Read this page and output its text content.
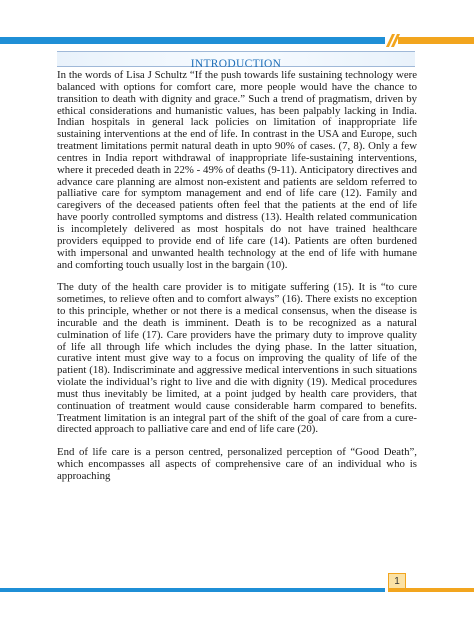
INTRODUCTION

In the words of Lisa J Schultz “If the push towards life sustaining technology were balanced with options for comfort care, more people would have the chance to transition to death with dignity and grace.” Such a trend of pragmatism, driven by ethical considerations and humanistic values, has been palpably lacking in India. Indian hospitals in general lack policies on limitation of inappropriate life sustaining interventions at the end of life. In contrast in the USA and Europe, such treatment limitations permit natural death in upto 90% of cases. (7, 8). Only a few centres in India report withdrawal of inappropriate life-sustaining interventions, where it preceded death in 22% - 49% of deaths (9-11). Anticipatory directives and advance care planning are almost non-existent and patients are seldom referred to palliative care for symptom management and end of life care (12). Family and caregivers of the deceased patients often feel that the patients at the end of life have poorly controlled symptoms and distress (13). Health related communication is incompletely delivered as most hospitals do not have trained healthcare providers equipped to provide end of life care (14). Patients are often burdened with impersonal and unwanted health technology at the end of life with humane and comforting touch usually lost in the bargain (10).

The duty of the health care provider is to mitigate suffering (15). It is “to cure sometimes, to relieve often and to comfort always” (16). There exists no exception to this principle, whether or not there is a medical consensus, when the disease is incurable and the death is imminent. Death is to be recognized as a natural culmination of life (17). Care providers have the primary duty to improve quality of life all through life which includes the dying phase. In the latter situation, curative intent must give way to a focus on improving the quality of life of the patient (18). Indiscriminate and aggressive medical interventions in such situations violate the individual’s right to live and die with dignity (19). Medical procedures must thus inevitably be limited, at a point judged by health care providers, that continuation of treatment would cause considerable harm compared to benefits. Treatment limitation is an integral part of the shift of the goal of care from a cure-directed approach to palliative care and end of life care (20).

End of life care is a person centred, personalized perception of “Good Death”, which encompasses all aspects of comprehensive care of an individual who is approaching

1
